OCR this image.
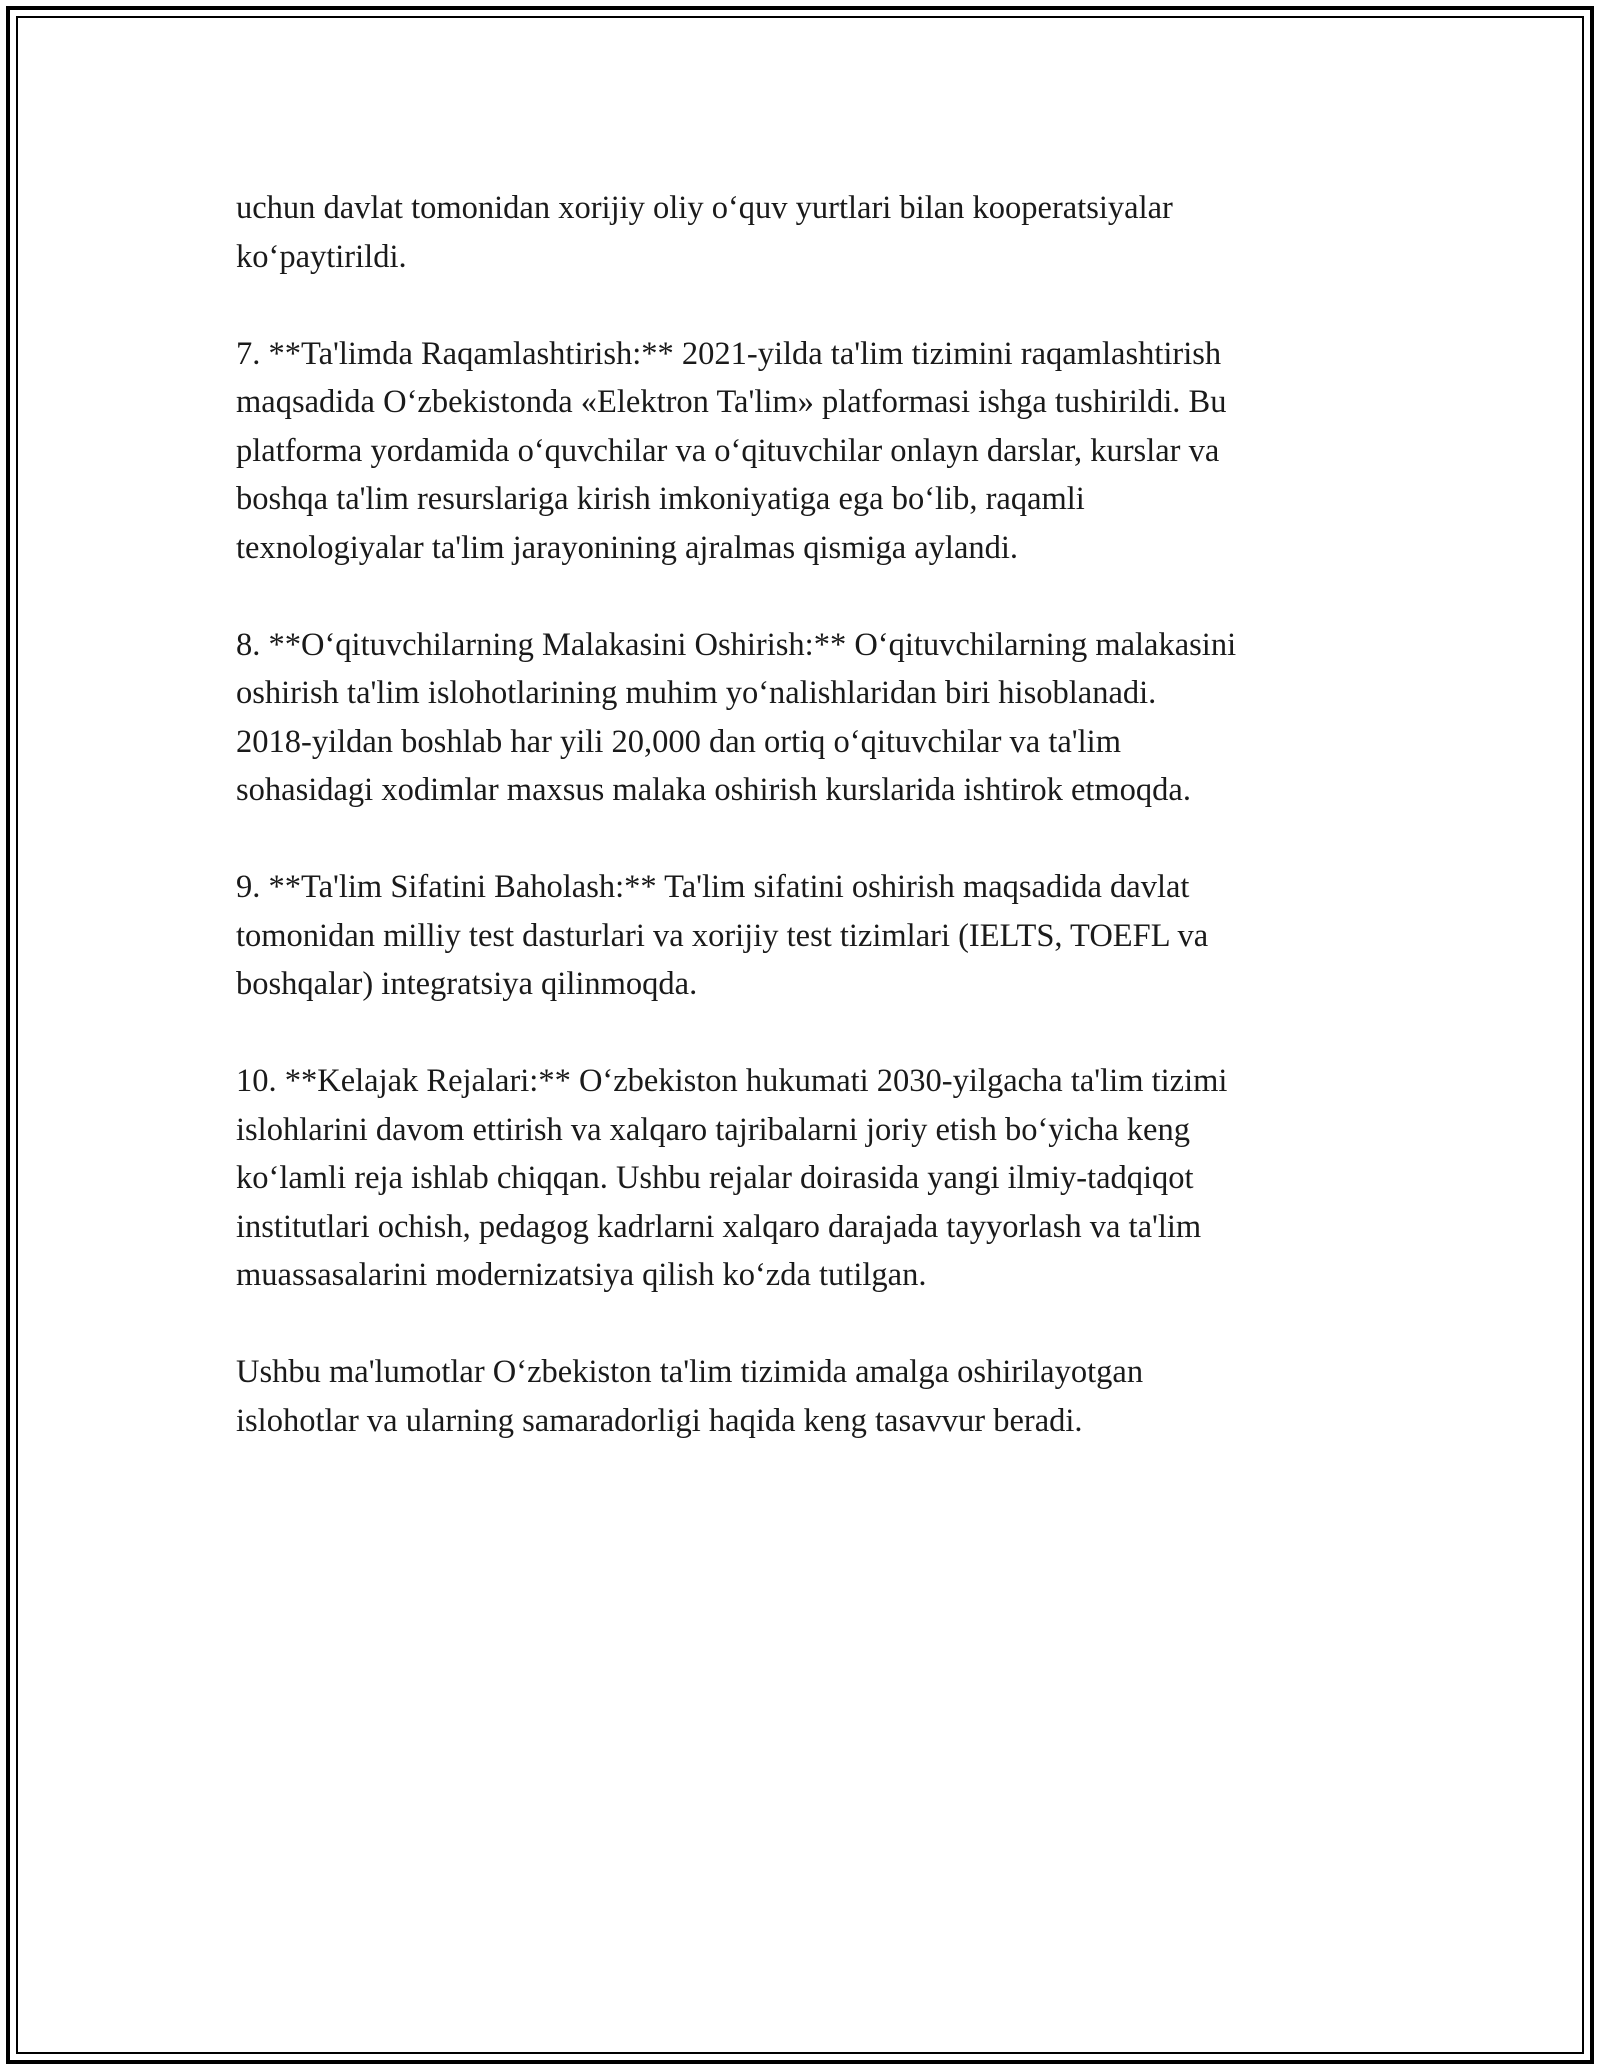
uchun davlat tomonidan xorijiy oliy o‘quv yurtlari bilan kooperatsiyalar
ko‘paytirildi.

7. **Ta'limda Raqamlashtirish:** 2021-yilda ta'lim tizimini raqamlashtirish
maqsadida O‘zbekistonda «Elektron Ta'lim» platformasi ishga tushirildi. Bu
platforma yordamida o‘quvchilar va o‘qituvchilar onlayn darslar, kurslar va
boshqa ta'lim resurslariga kirish imkoniyatiga ega bo‘lib, raqamli
texnologiyalar ta'lim jarayonining ajralmas qismiga aylandi.

8. **O‘qituvchilarning Malakasini Oshirish:** O‘qituvchilarning malakasini
oshirish ta'lim islohotlarining muhim yo‘nalishlaridan biri hisoblanadi.
2018-yildan boshlab har yili 20,000 dan ortiq o‘qituvchilar va ta'lim
sohasidagi xodimlar maxsus malaka oshirish kurslarida ishtirok etmoqda.

9. **Ta'lim Sifatini Baholash:** Ta'lim sifatini oshirish maqsadida davlat
tomonidan milliy test dasturlari va xorijiy test tizimlari (IELTS, TOEFL va
boshqalar) integratsiya qilinmoqda.

10. **Kelajak Rejalari:** O‘zbekiston hukumati 2030-yilgacha ta'lim tizimi
islohlarini davom ettirish va xalqaro tajribalarni joriy etish bo‘yicha keng
ko‘lamli reja ishlab chiqqan. Ushbu rejalar doirasida yangi ilmiy-tadqiqot
institutlari ochish, pedagog kadrlarni xalqaro darajada tayyorlash va ta'lim
muassasalarini modernizatsiya qilish ko‘zda tutilgan.

Ushbu ma'lumotlar O‘zbekiston ta'lim tizimida amalga oshirilayotgan
islohotlar va ularning samaradorligi haqida keng tasavvur beradi.
